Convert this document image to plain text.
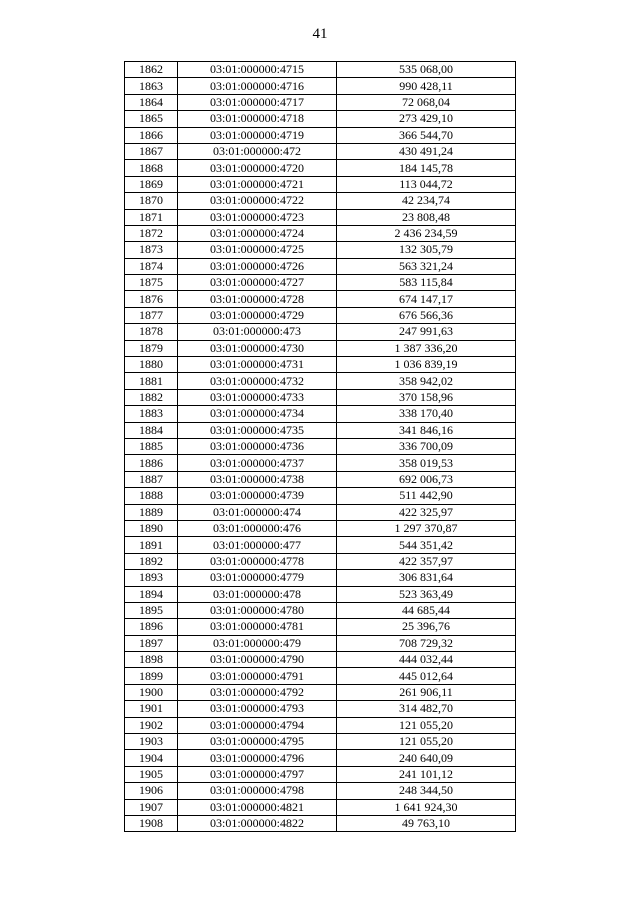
41
1862	03:01:000000:4715	535 068,00
1863	03:01:000000:4716	990 428,11
1864	03:01:000000:4717	72 068,04
1865	03:01:000000:4718	273 429,10
1866	03:01:000000:4719	366 544,70
1867	03:01:000000:472	430 491,24
1868	03:01:000000:4720	184 145,78
1869	03:01:000000:4721	113 044,72
1870	03:01:000000:4722	42 234,74
1871	03:01:000000:4723	23 808,48
1872	03:01:000000:4724	2 436 234,59
1873	03:01:000000:4725	132 305,79
1874	03:01:000000:4726	563 321,24
1875	03:01:000000:4727	583 115,84
1876	03:01:000000:4728	674 147,17
1877	03:01:000000:4729	676 566,36
1878	03:01:000000:473	247 991,63
1879	03:01:000000:4730	1 387 336,20
1880	03:01:000000:4731	1 036 839,19
1881	03:01:000000:4732	358 942,02
1882	03:01:000000:4733	370 158,96
1883	03:01:000000:4734	338 170,40
1884	03:01:000000:4735	341 846,16
1885	03:01:000000:4736	336 700,09
1886	03:01:000000:4737	358 019,53
1887	03:01:000000:4738	692 006,73
1888	03:01:000000:4739	511 442,90
1889	03:01:000000:474	422 325,97
1890	03:01:000000:476	1 297 370,87
1891	03:01:000000:477	544 351,42
1892	03:01:000000:4778	422 357,97
1893	03:01:000000:4779	306 831,64
1894	03:01:000000:478	523 363,49
1895	03:01:000000:4780	44 685,44
1896	03:01:000000:4781	25 396,76
1897	03:01:000000:479	708 729,32
1898	03:01:000000:4790	444 032,44
1899	03:01:000000:4791	445 012,64
1900	03:01:000000:4792	261 906,11
1901	03:01:000000:4793	314 482,70
1902	03:01:000000:4794	121 055,20
1903	03:01:000000:4795	121 055,20
1904	03:01:000000:4796	240 640,09
1905	03:01:000000:4797	241 101,12
1906	03:01:000000:4798	248 344,50
1907	03:01:000000:4821	1 641 924,30
1908	03:01:000000:4822	49 763,10
